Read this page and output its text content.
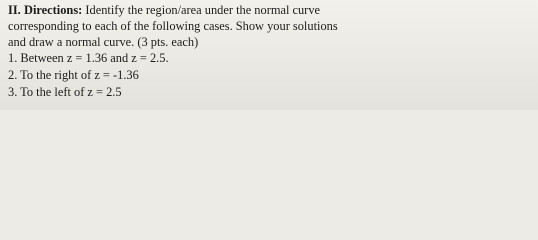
II. Directions: Identify the region/area under the normal curve
corresponding to each of the following cases. Show your solutions
and draw a normal curve. (3 pts. each)
1. Between z = 1.36 and z = 2.5.
2. To the right of z = -1.36
3. To the left of z = 2.5
